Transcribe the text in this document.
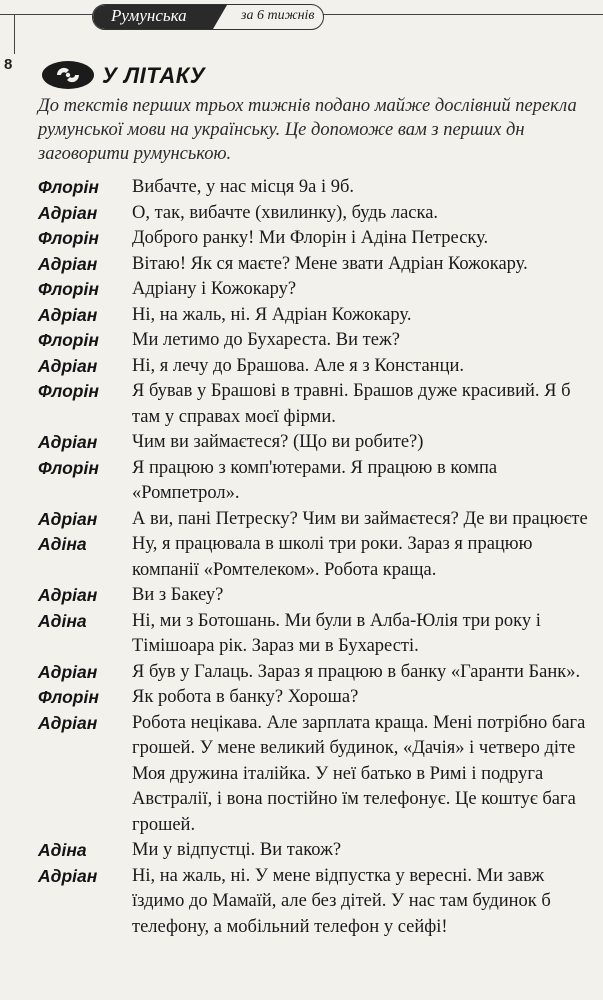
Румунська	за 6 тижнів
8	У ЛІТАКУ

До текстів перших трьох тижнів подано майже дослівний перекла

румунської мови на українську. Це допоможе вам з перших дн

заговорити румунською.

Флорін Вибачте, у нас місця 9а і 9б.
Адріан О, так, вибачте (хвилинку), будь ласка.
Флорін Доброго ранку! Ми Флорін і Адіна Петреску.
Адріан Вітаю! Як ся маєте? Мене звати Адріан Кожокару.
Флорін Адріану і Кожокару?
Адріан Ні, на жаль, ні. Я Адріан Кожокару.
Флорін Ми летимо до Бухареста. Ви теж?
Адріан Ні, я лечу до Брашова. Але я з Констанци.
Флорін Я бував у Брашові в травні. Брашов дуже красивий. Я б
там у справах моєї фірми.
Адріан Чим ви займаєтеся? (Що ви робите?)
Флорін Я працюю з комп'ютерами. Я працюю в компа
«Ромпетрол».
Адріан А ви, пані Петреску? Чим ви займаєтеся? Де ви працюєте
Адіна Ну, я працювала в школі три роки. Зараз я працюю
компанії «Ромтелеком». Робота краща.
Адріан Ви з Бакеу?
Адіна Ні, ми з Ботошань. Ми були в Алба-Юлія три року і
Тімішоара рік. Зараз ми в Бухаресті.
Адріан Я був у Галаць. Зараз я працюю в банку «Гаранти Банк».
Флорін Як робота в банку? Хороша?
Адріан Робота нецікава. Але зарплата краща. Мені потрібно бага
грошей. У мене великий будинок, «Дачія» і четверо діте
Моя дружина італійка. У неї батько в Римі і подруга
Австралії, і вона постійно їм телефонує. Це коштує бага
грошей.
Адіна Ми у відпустці. Ви також?
Адріан Ні, на жаль, ні. У мене відпустка у вересні. Ми завж
їздимо до Мамаїй, але без дітей. У нас там будинок б
телефону, а мобільний телефон у сейфі!
